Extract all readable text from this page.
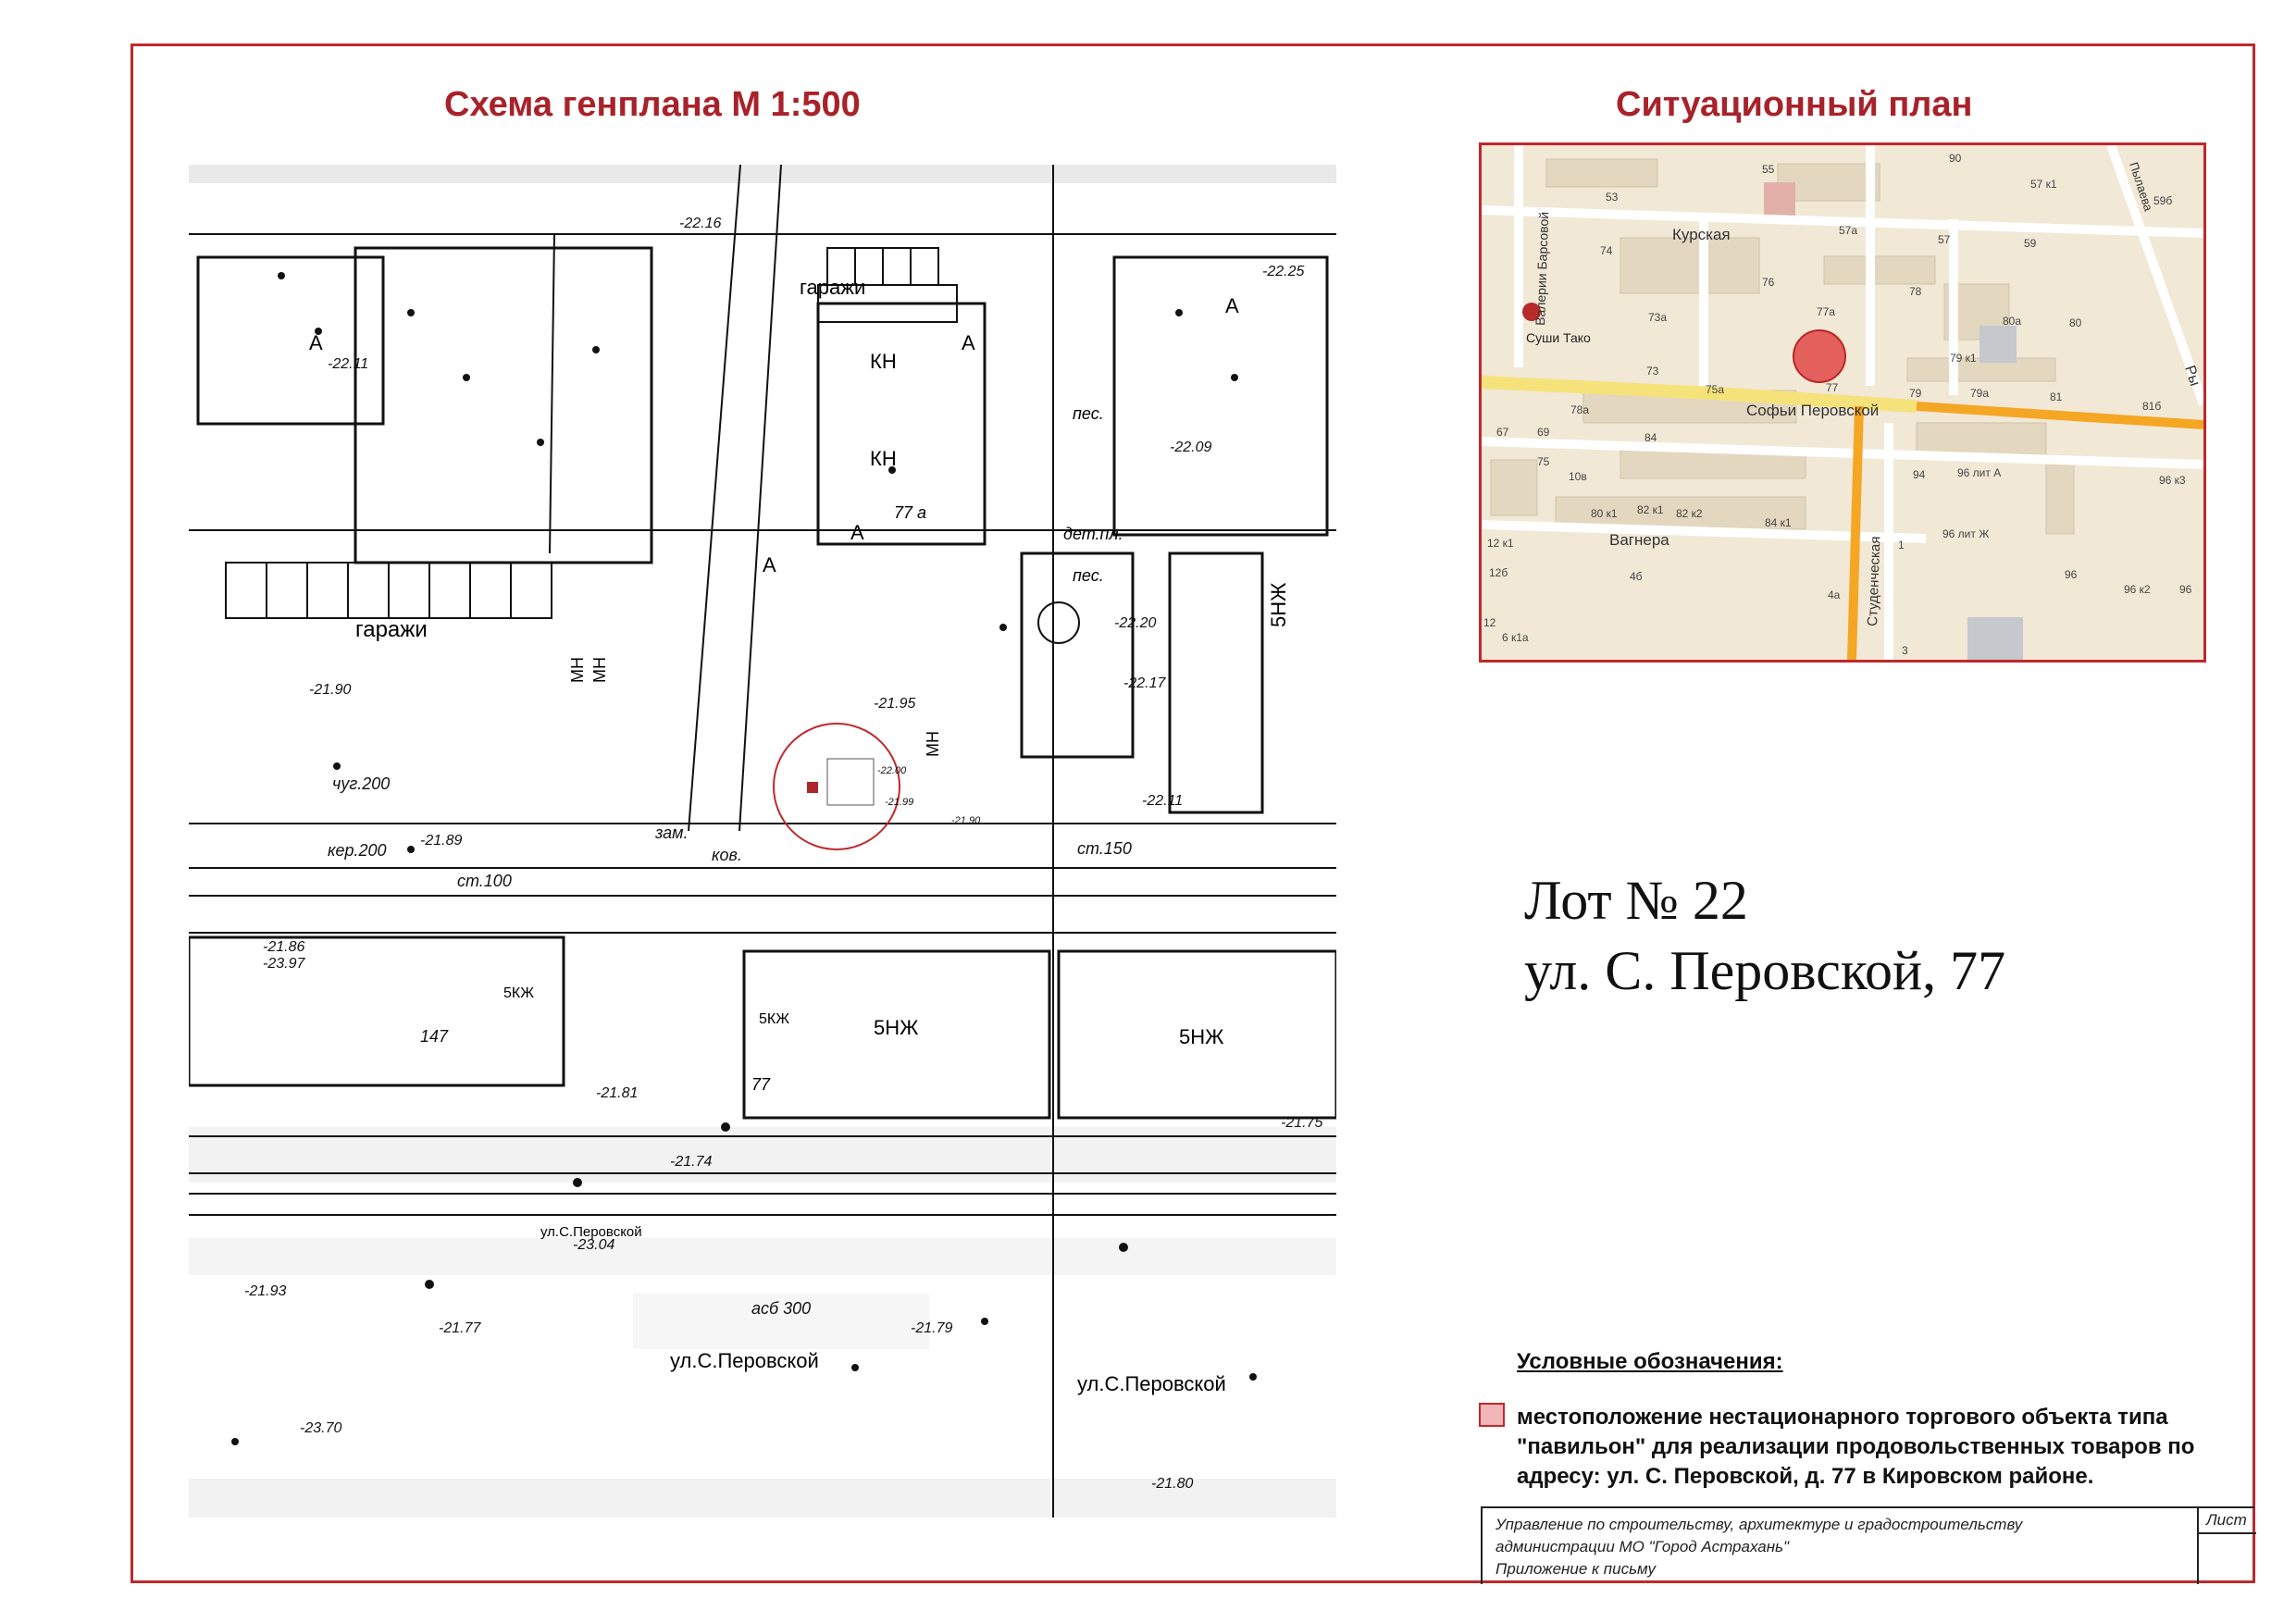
Схема генплана М 1:500	Ситуационный план
А	А
А
А
А
гаражи
гаражи
КН
КН
5НЖ
5НЖ	5НЖ
5КЖ
5КЖ
МН МН
МН
пес.
пес.
дет.пл.
77 а
77
ул.С.Перовской
ул.С.Перовской
ул.С.Перовской
-22.11
-22.16
-22.25
-21.90
-22.20
-21.95
-22.09
-21.86
-23.97
-21.89
-21.81
-21.74
-21.93
-23.04
-21.77	-21.79
-23.70
-21.80
-21.75
-22.17
-22.11
-21.90
-22.00
-21.99
ст.100
ст.150
чуг.200
кер.200
асб 300
зам.
ков.
147
Курская
Софьи Перовской
Вагнера	Студенческая
Валерии Барсовой
Пылаева
Ры
Суши Тако
90
55
53
57 к1
59б
57а
57	59
74
76
78
77а
73а	80а	80
79 к1
73
75а	77	79	79а	81
81б
67	69
78а
75
84
10в	94	96 лит А
96 к3
80 к1 82 к1 82 к2
84 к1
96 лит Ж
12 к1
12б	4б
4а
96
96 к2	96
6 к1а
1
3
12
Лот № 22
ул. С. Перовской, 77
Условные обозначения:
местоположение нестационарного торгового объекта типа "павильон" для реализации продовольственных товаров по адресу: ул. С. Перовской, д. 77 в Кировском районе.
Управление по строительству, архитектуре и градостроительству
администрации МО "Город Астрахань"
Приложение к письму
Лист
